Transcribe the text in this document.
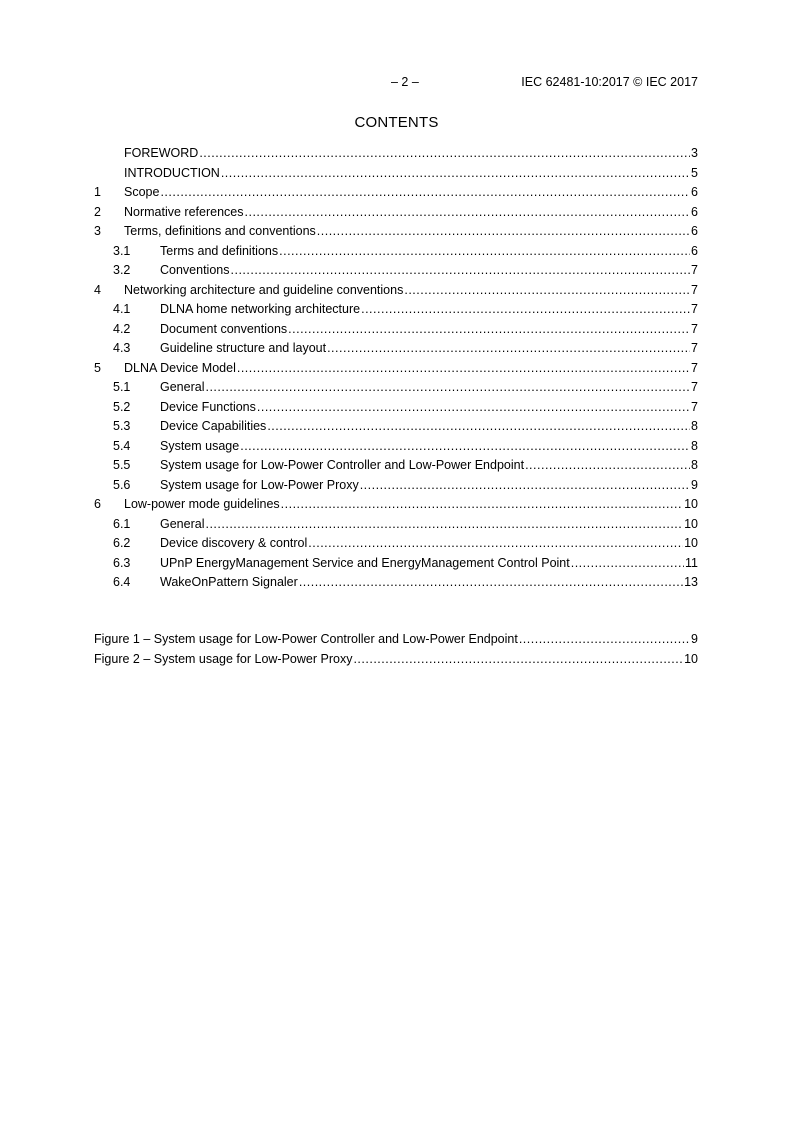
– 2 –	IEC 62481-10:2017 © IEC 2017
CONTENTS
FOREWORD .....	3
INTRODUCTION .....	5
1	Scope .....	6
2	Normative references .....	6
3	Terms, definitions and conventions .....	6
3.1	Terms and definitions .....	6
3.2	Conventions .....	7
4	Networking architecture and guideline conventions .....	7
4.1	DLNA home networking architecture .....	7
4.2	Document conventions .....	7
4.3	Guideline structure and layout .....	7
5	DLNA Device Model .....	7
5.1	General .....	7
5.2	Device Functions .....	7
5.3	Device Capabilities .....	8
5.4	System usage .....	8
5.5	System usage for Low-Power Controller and Low-Power Endpoint .....	8
5.6	System usage for Low-Power Proxy .....	9
6	Low-power mode guidelines .....	10
6.1	General .....	10
6.2	Device discovery & control .....	10
6.3	UPnP EnergyManagement Service and EnergyManagement Control Point .....	11
6.4	WakeOnPattern Signaler .....	13
Figure 1 – System usage for Low-Power Controller and Low-Power Endpoint .....	9
Figure 2 – System usage for Low-Power Proxy .....	10
